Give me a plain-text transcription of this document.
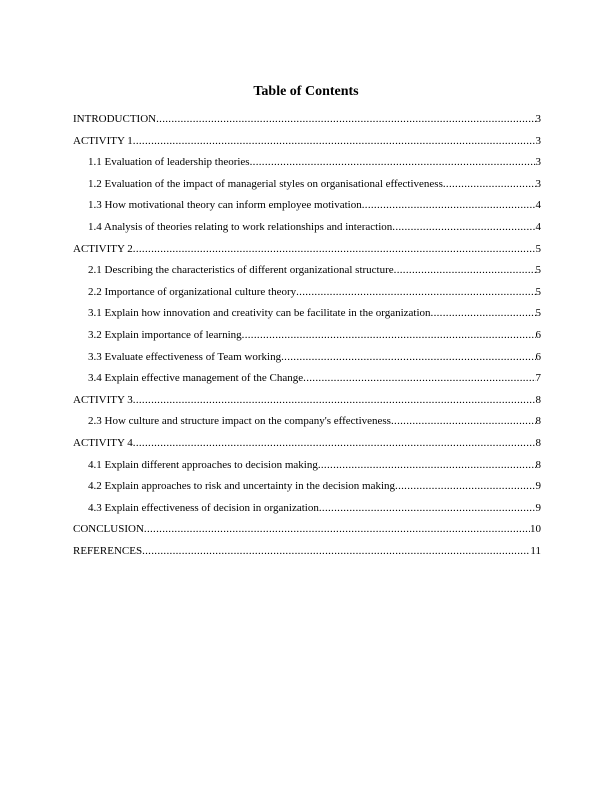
Table of Contents
INTRODUCTION .....	3
ACTIVITY 1 .....	3
1.1 Evaluation of leadership theories .....	3
1.2 Evaluation of the impact of managerial styles on organisational effectiveness .....	3
1.3 How motivational theory can inform employee motivation .....	4
1.4 Analysis of theories relating to work relationships and interaction .....	4
ACTIVITY 2 .....	5
2.1 Describing the characteristics of different organizational structure .....	5
2.2 Importance of organizational culture theory .....	5
3.1 Explain how innovation and creativity can be facilitate in the organization .....	5
3.2 Explain importance of learning .....	6
3.3 Evaluate effectiveness of Team working .....	6
3.4 Explain effective management of the Change .....	7
ACTIVITY 3 .....	8
2.3 How culture and structure impact on the company's effectiveness .....	8
ACTIVITY 4 .....	8
4.1 Explain different approaches to decision making .....	8
4.2 Explain approaches to risk and uncertainty in the decision making .....	9
4.3 Explain effectiveness of decision in organization .....	9
CONCLUSION .....	10
REFERENCES .....	11
